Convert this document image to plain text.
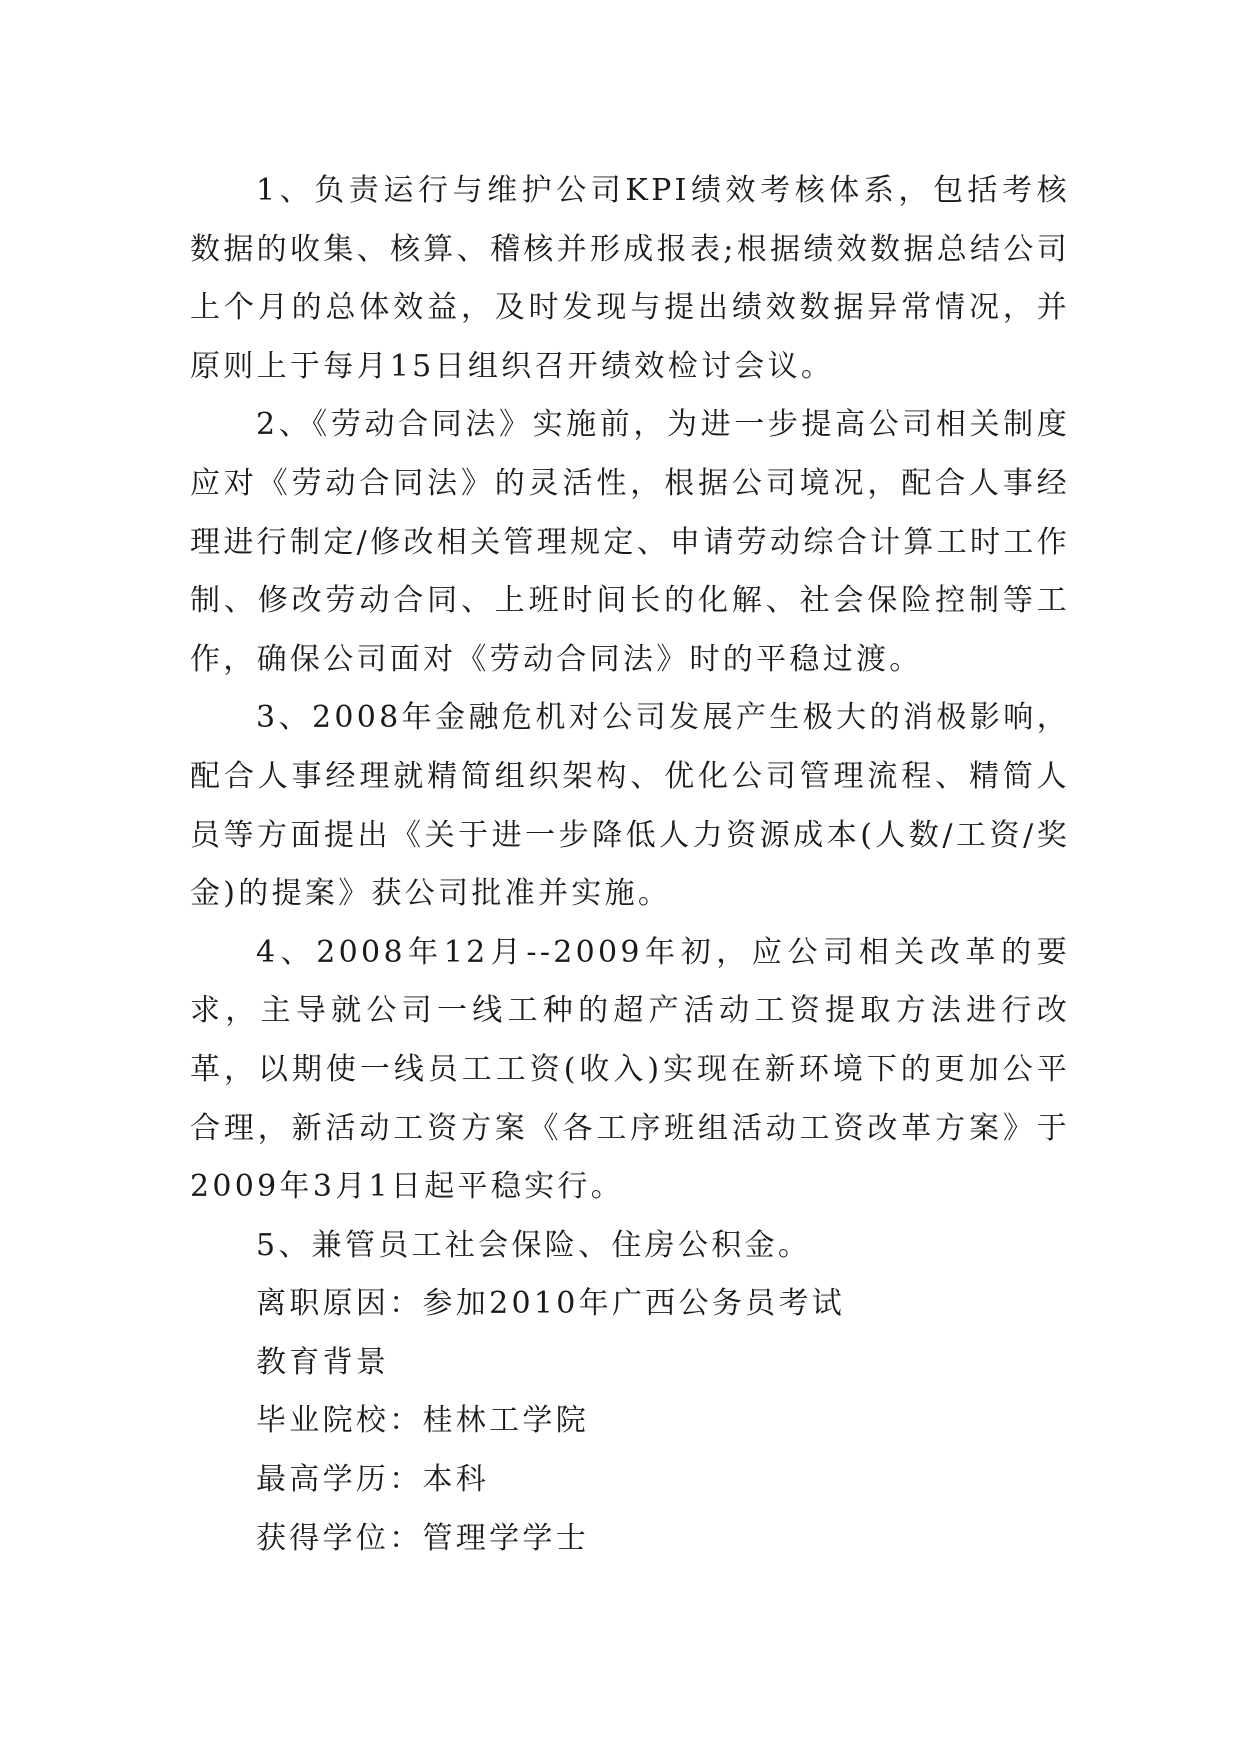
1、负责运行与维护公司KPI绩效考核体系，包括考核数据的收集、核算、稽核并形成报表;根据绩效数据总结公司上个月的总体效益，及时发现与提出绩效数据异常情况，并原则上于每月15日组织召开绩效检讨会议。

2、《劳动合同法》实施前，为进一步提高公司相关制度应对《劳动合同法》的灵活性，根据公司境况，配合人事经理进行制定/修改相关管理规定、申请劳动综合计算工时工作制、修改劳动合同、上班时间长的化解、社会保险控制等工作，确保公司面对《劳动合同法》时的平稳过渡。

3、2008年金融危机对公司发展产生极大的消极影响，配合人事经理就精简组织架构、优化公司管理流程、精简人员等方面提出《关于进一步降低人力资源成本(人数/工资/奖金)的提案》获公司批准并实施。

4、2008年12月--2009年初，应公司相关改革的要求，主导就公司一线工种的超产活动工资提取方法进行改革，以期使一线员工工资(收入)实现在新环境下的更加公平合理，新活动工资方案《各工序班组活动工资改革方案》于2009年3月1日起平稳实行。

5、兼管员工社会保险、住房公积金。

离职原因：参加2010年广西公务员考试

教育背景

毕业院校：桂林工学院

最高学历：本科

获得学位：管理学学士
